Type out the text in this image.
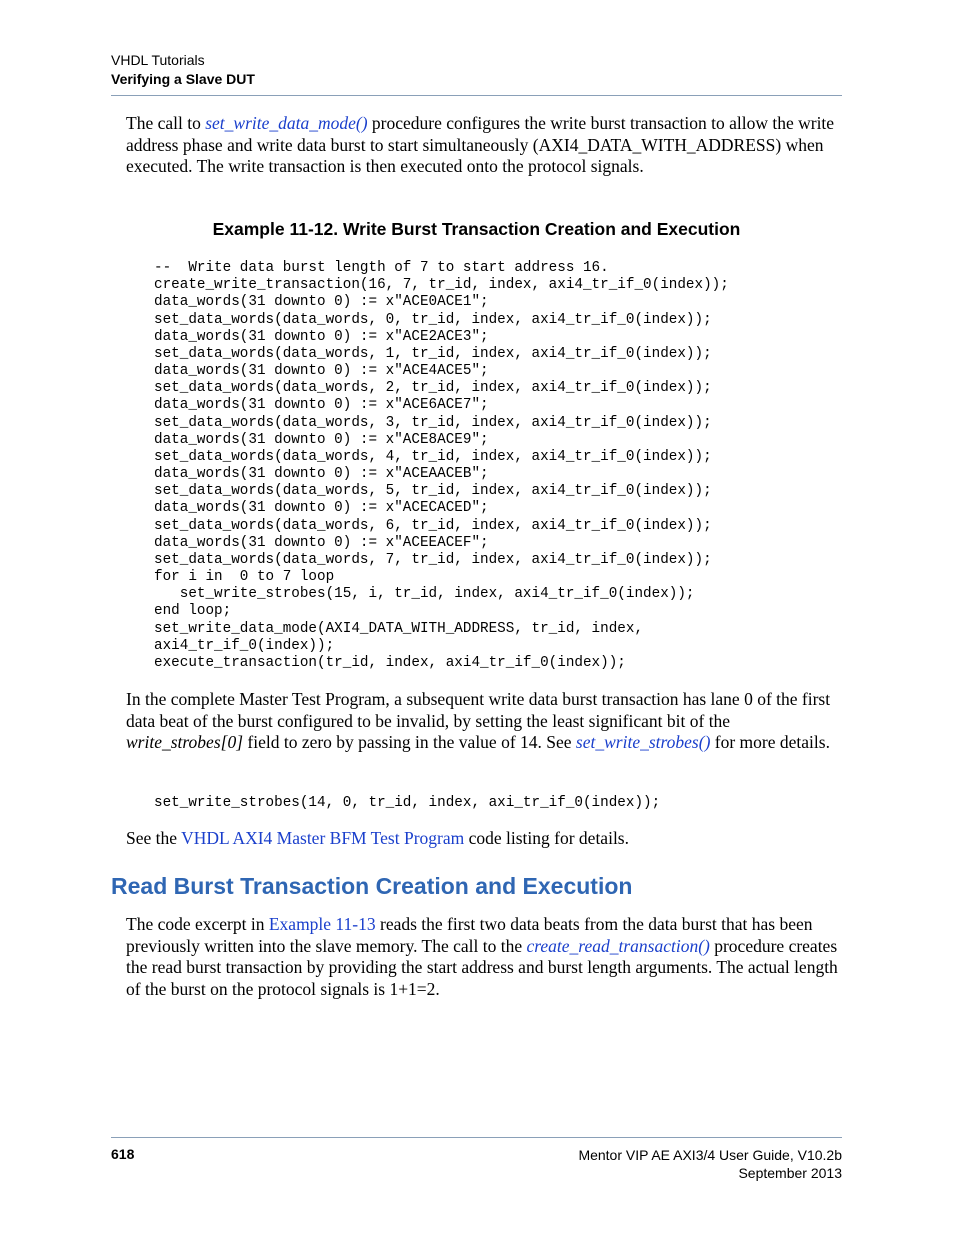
VHDL Tutorials
Verifying a Slave DUT
The call to set_write_data_mode() procedure configures the write burst transaction to allow the write address phase and write data burst to start simultaneously (AXI4_DATA_WITH_ADDRESS) when executed. The write transaction is then executed onto the protocol signals.
Example 11-12. Write Burst Transaction Creation and Execution
--  Write data burst length of 7 to start address 16.
create_write_transaction(16, 7, tr_id, index, axi4_tr_if_0(index));
data_words(31 downto 0) := x"ACE0ACE1";
set_data_words(data_words, 0, tr_id, index, axi4_tr_if_0(index));
data_words(31 downto 0) := x"ACE2ACE3";
set_data_words(data_words, 1, tr_id, index, axi4_tr_if_0(index));
data_words(31 downto 0) := x"ACE4ACE5";
set_data_words(data_words, 2, tr_id, index, axi4_tr_if_0(index));
data_words(31 downto 0) := x"ACE6ACE7";
set_data_words(data_words, 3, tr_id, index, axi4_tr_if_0(index));
data_words(31 downto 0) := x"ACE8ACE9";
set_data_words(data_words, 4, tr_id, index, axi4_tr_if_0(index));
data_words(31 downto 0) := x"ACEAACEB";
set_data_words(data_words, 5, tr_id, index, axi4_tr_if_0(index));
data_words(31 downto 0) := x"ACECACED";
set_data_words(data_words, 6, tr_id, index, axi4_tr_if_0(index));
data_words(31 downto 0) := x"ACEEACEF";
set_data_words(data_words, 7, tr_id, index, axi4_tr_if_0(index));
for i in  0 to 7 loop
set_write_strobes(15, i, tr_id, index, axi4_tr_if_0(index));
end loop;
set_write_data_mode(AXI4_DATA_WITH_ADDRESS, tr_id, index,
axi4_tr_if_0(index));
execute_transaction(tr_id, index, axi4_tr_if_0(index));
In the complete Master Test Program, a subsequent write data burst transaction has lane 0 of the first data beat of the burst configured to be invalid, by setting the least significant bit of the write_strobes[0] field to zero by passing in the value of 14. See set_write_strobes() for more details.
set_write_strobes(14, 0, tr_id, index, axi_tr_if_0(index));
See the VHDL AXI4 Master BFM Test Program code listing for details.
Read Burst Transaction Creation and Execution
The code excerpt in Example 11-13 reads the first two data beats from the data burst that has been previously written into the slave memory. The call to the create_read_transaction() procedure creates the read burst transaction by providing the start address and burst length arguments. The actual length of the burst on the protocol signals is 1+1=2.
618	Mentor VIP AE AXI3/4 User Guide, V10.2b
September 2013
